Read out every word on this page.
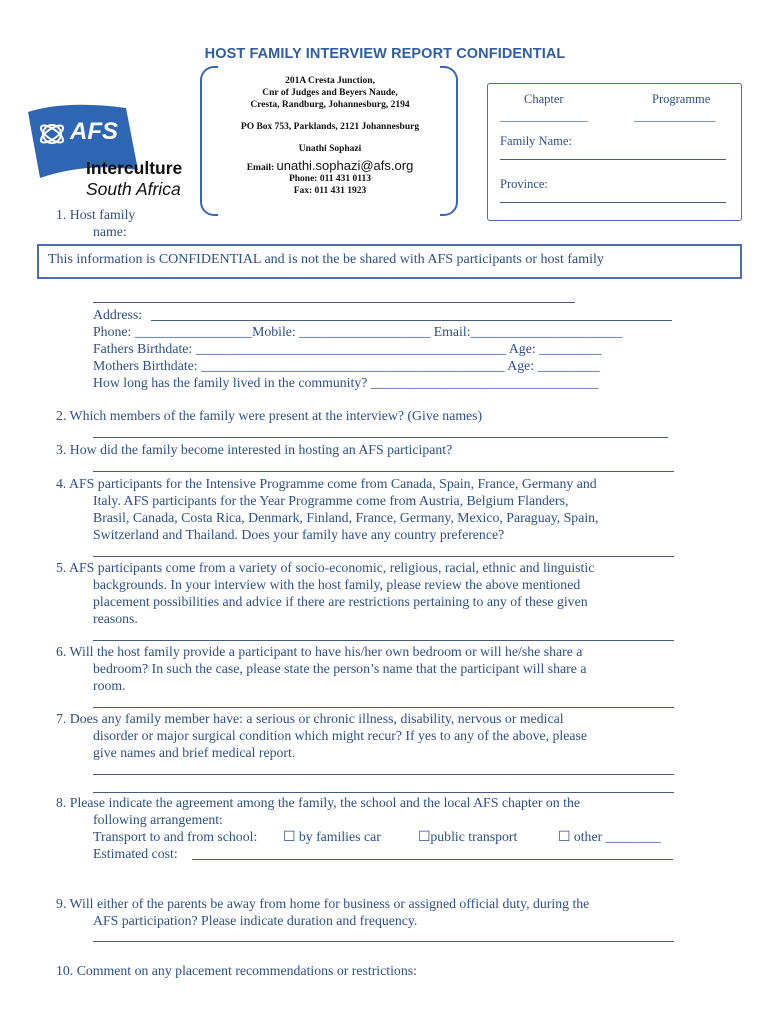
HOST FAMILY INTERVIEW REPORT CONFIDENTIAL
AFS
Interculture
South Africa
201A Cresta Junction,
Cnr of Judges and Beyers Naude,
Cresta, Randburg, Johannesburg, 2194
PO Box 753, Parklands, 2121 Johannesburg
Unathi Sophazi
Email: unathi.sophazi@afs.org
Phone: 011 431 0113
Fax: 011 431 1923
Chapter	Programme
______________	_____________
Family Name:
Province:
1. Host family
name:
This information is CONFIDENTIAL and is not the be shared with AFS participants or host family
Address:
Phone: _________________Mobile: ___________________ Email:______________________
Fathers Birthdate: _____________________________________________ Age: _________
Mothers Birthdate: ____________________________________________ Age: _________
How long has the family lived in the community? _________________________________
2. Which members of the family were present at the interview? (Give names)
3. How did the family become interested in hosting an AFS participant?
4. AFS participants for the Intensive Programme come from Canada, Spain, France, Germany and
Italy. AFS participants for the Year Programme come from Austria, Belgium Flanders,
Brasil, Canada, Costa Rica, Denmark, Finland, France, Germany, Mexico, Paraguay, Spain,
Switzerland and Thailand. Does your family have any country preference?
5. AFS participants come from a variety of socio-economic, religious, racial, ethnic and linguistic
backgrounds. In your interview with the host family, please review the above mentioned
placement possibilities and advice if there are restrictions pertaining to any of these given
reasons.
6. Will the host family provide a participant to have his/her own bedroom or will he/she share a
bedroom? In such the case, please state the person’s name that the participant will share a
room.
7. Does any family member have: a serious or chronic illness, disability, nervous or medical
disorder or major surgical condition which might recur? If yes to any of the above, please
give names and brief medical report.
8. Please indicate the agreement among the family, the school and the local AFS chapter on the
following arrangement:
Transport to and from school: ☐ by families car	☐public transport	☐ other ________
Estimated cost:
9. Will either of the parents be away from home for business or assigned official duty, during the
AFS participation? Please indicate duration and frequency.
10. Comment on any placement recommendations or restrictions:
